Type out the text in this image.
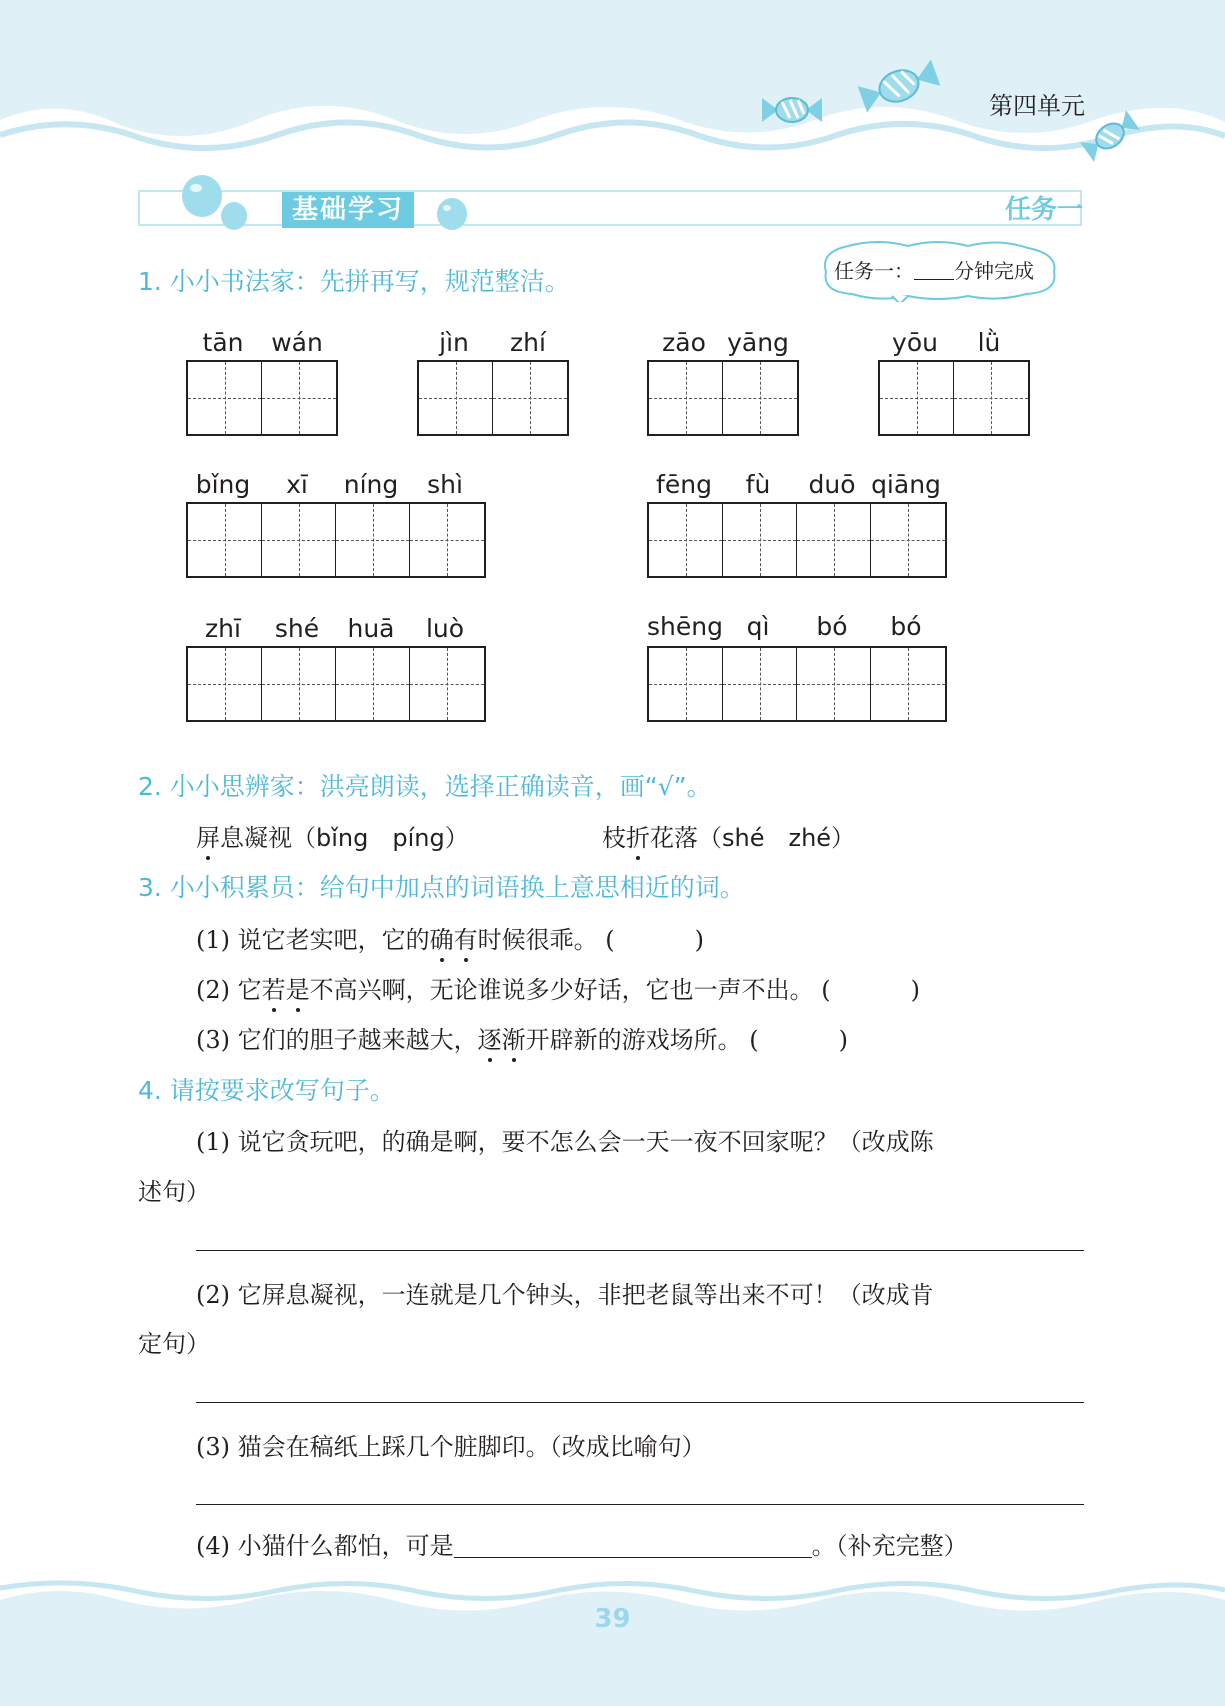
第四单元
基础学习	任务一
任务一： 分钟完成
1. 小小书法家：先拼再写，规范整洁。
tān	wán	jìn	zhí	zāo yāng	yōu	lǜ
bǐng	xī	níng	shì	fēng	fù	duō qiāng
zhī	shé	huā	luò	shēng qì	bó	bó
2. 小小思辨家：洪亮朗读，选择正确读音，画“√”。
屏息凝视（bǐng　píng）	枝折花落（shé　zhé）
3. 小小积累员：给句中加点的词语换上意思相近的词。
(1) 说它老实吧，它的确有时候很乖。 (	)
(2) 它若是不高兴啊，无论谁说多少好话，它也一声不出。 (	)
(3) 它们的胆子越来越大，逐渐开辟新的游戏场所。 (	)
4. 请按要求改写句子。
(1) 说它贪玩吧，的确是啊，要不怎么会一天一夜不回家呢？（改成陈
述句）
(2) 它屏息凝视，一连就是几个钟头，非把老鼠等出来不可！（改成肯
定句）
(3) 猫会在稿纸上踩几个脏脚印。（改成比喻句）
(4) 小猫什么都怕，可是	。（补充完整）
39
